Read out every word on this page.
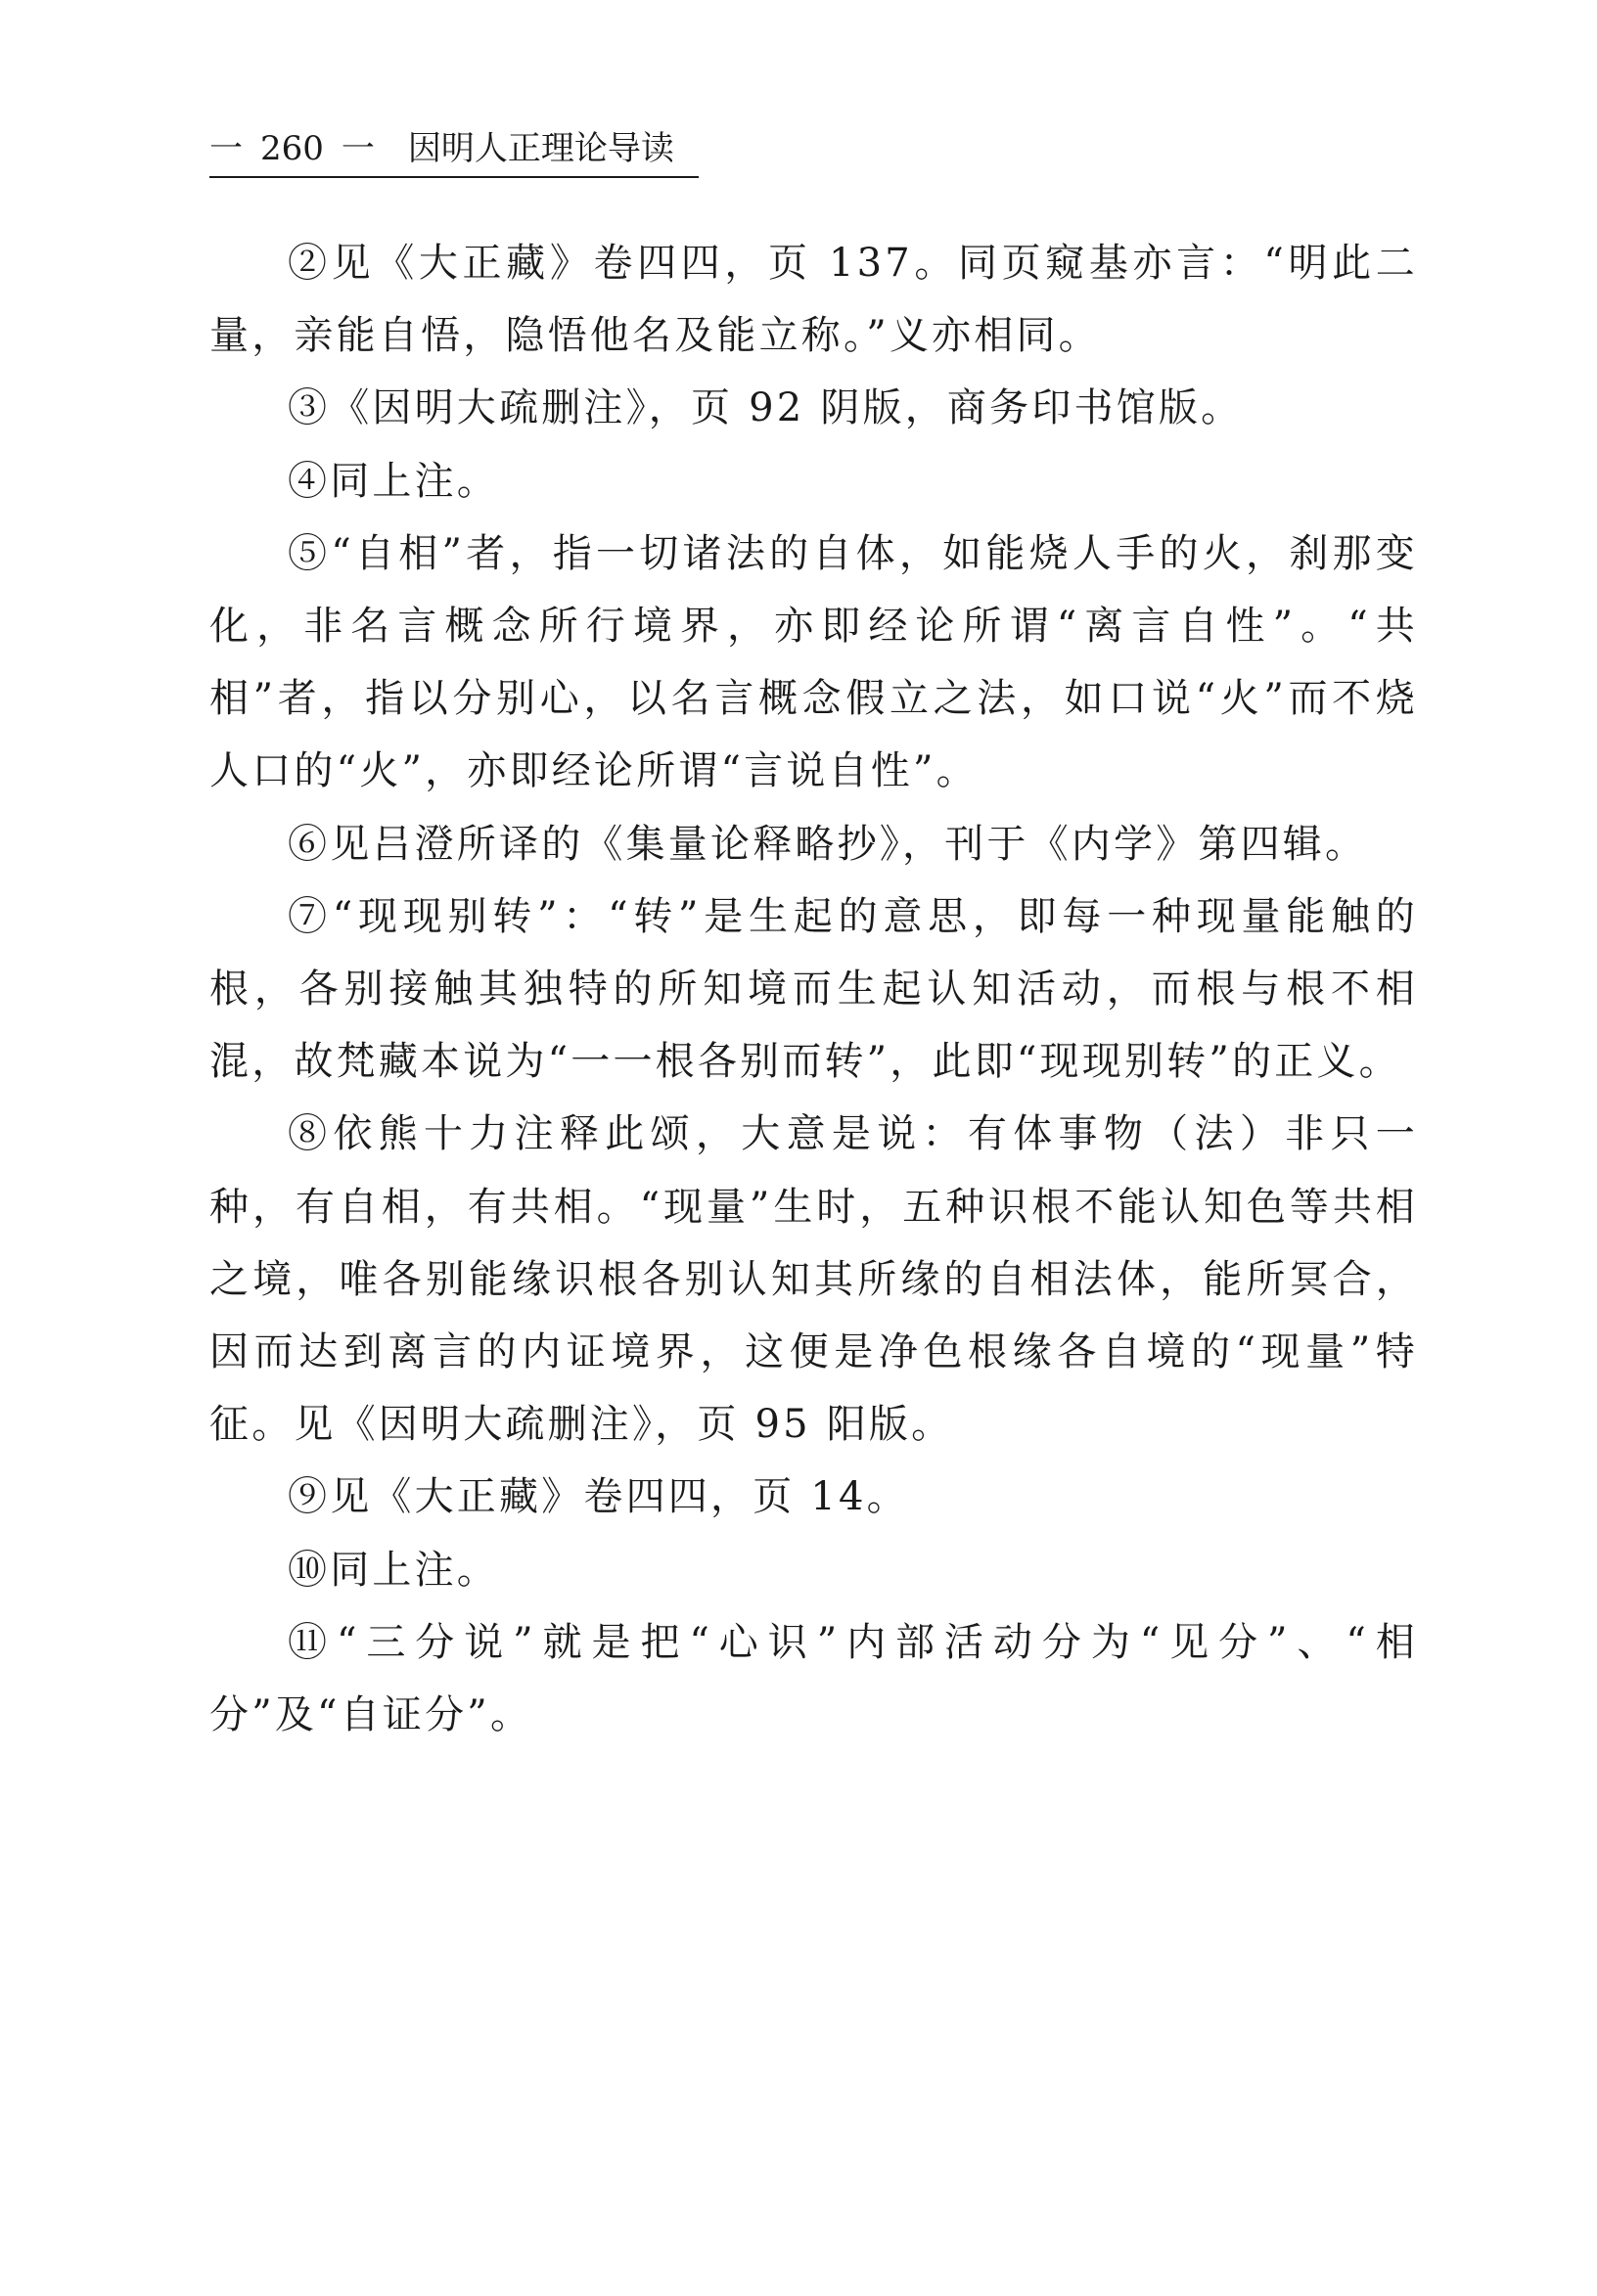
一 260 一 因明人正理论导读

②见《大正藏》卷四四，页 137。同页窥基亦言：“明此二量，亲能自悟，隐悟他名及能立称。”义亦相同。

③《因明大疏删注》，页 92 阴版，商务印书馆版。

④同上注。

⑤“自相”者，指一切诸法的自体，如能烧人手的火，刹那变化，非名言概念所行境界，亦即经论所谓“离言自性”。“共相”者，指以分别心，以名言概念假立之法，如口说“火”而不烧人口的“火”，亦即经论所谓“言说自性”。

⑥见吕澄所译的《集量论释略抄》，刊于《内学》第四辑。

⑦“现现别转”：“转”是生起的意思，即每一种现量能触的根，各别接触其独特的所知境而生起认知活动，而根与根不相混，故梵藏本说为“一一根各别而转”，此即“现现别转”的正义。

⑧依熊十力注释此颂，大意是说：有体事物（法）非只一种，有自相，有共相。“现量”生时，五种识根不能认知色等共相之境，唯各别能缘识根各别认知其所缘的自相法体，能所冥合，因而达到离言的内证境界，这便是净色根缘各自境的“现量”特征。见《因明大疏删注》，页 95 阳版。

⑨见《大正藏》卷四四，页 14。

⑩同上注。

⑪“三分说”就是把“心识”内部活动分为“见分”、“相分”及“自证分”。
